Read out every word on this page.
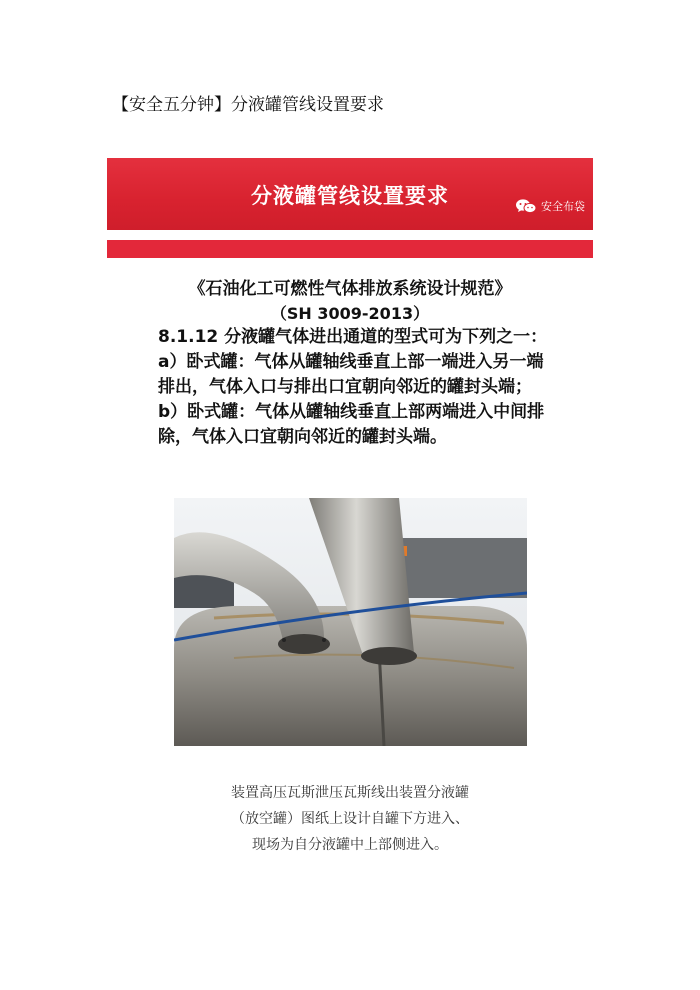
【安全五分钟】分液罐管线设置要求
分液罐管线设置要求	安全布袋
《石油化工可燃性气体排放系统设计规范》
（SH 3009-2013）

8.1.12 分液罐气体进出通道的型式可为下列之一：

a）卧式罐：气体从罐轴线垂直上部一端进入另一端排出，气体入口与排出口宜朝向邻近的罐封头端；

b）卧式罐：气体从罐轴线垂直上部两端进入中间排除，气体入口宜朝向邻近的罐封头端。

装置高压瓦斯泄压瓦斯线出装置分液罐

（放空罐）图纸上设计自罐下方进入、

现场为自分液罐中上部侧进入。
